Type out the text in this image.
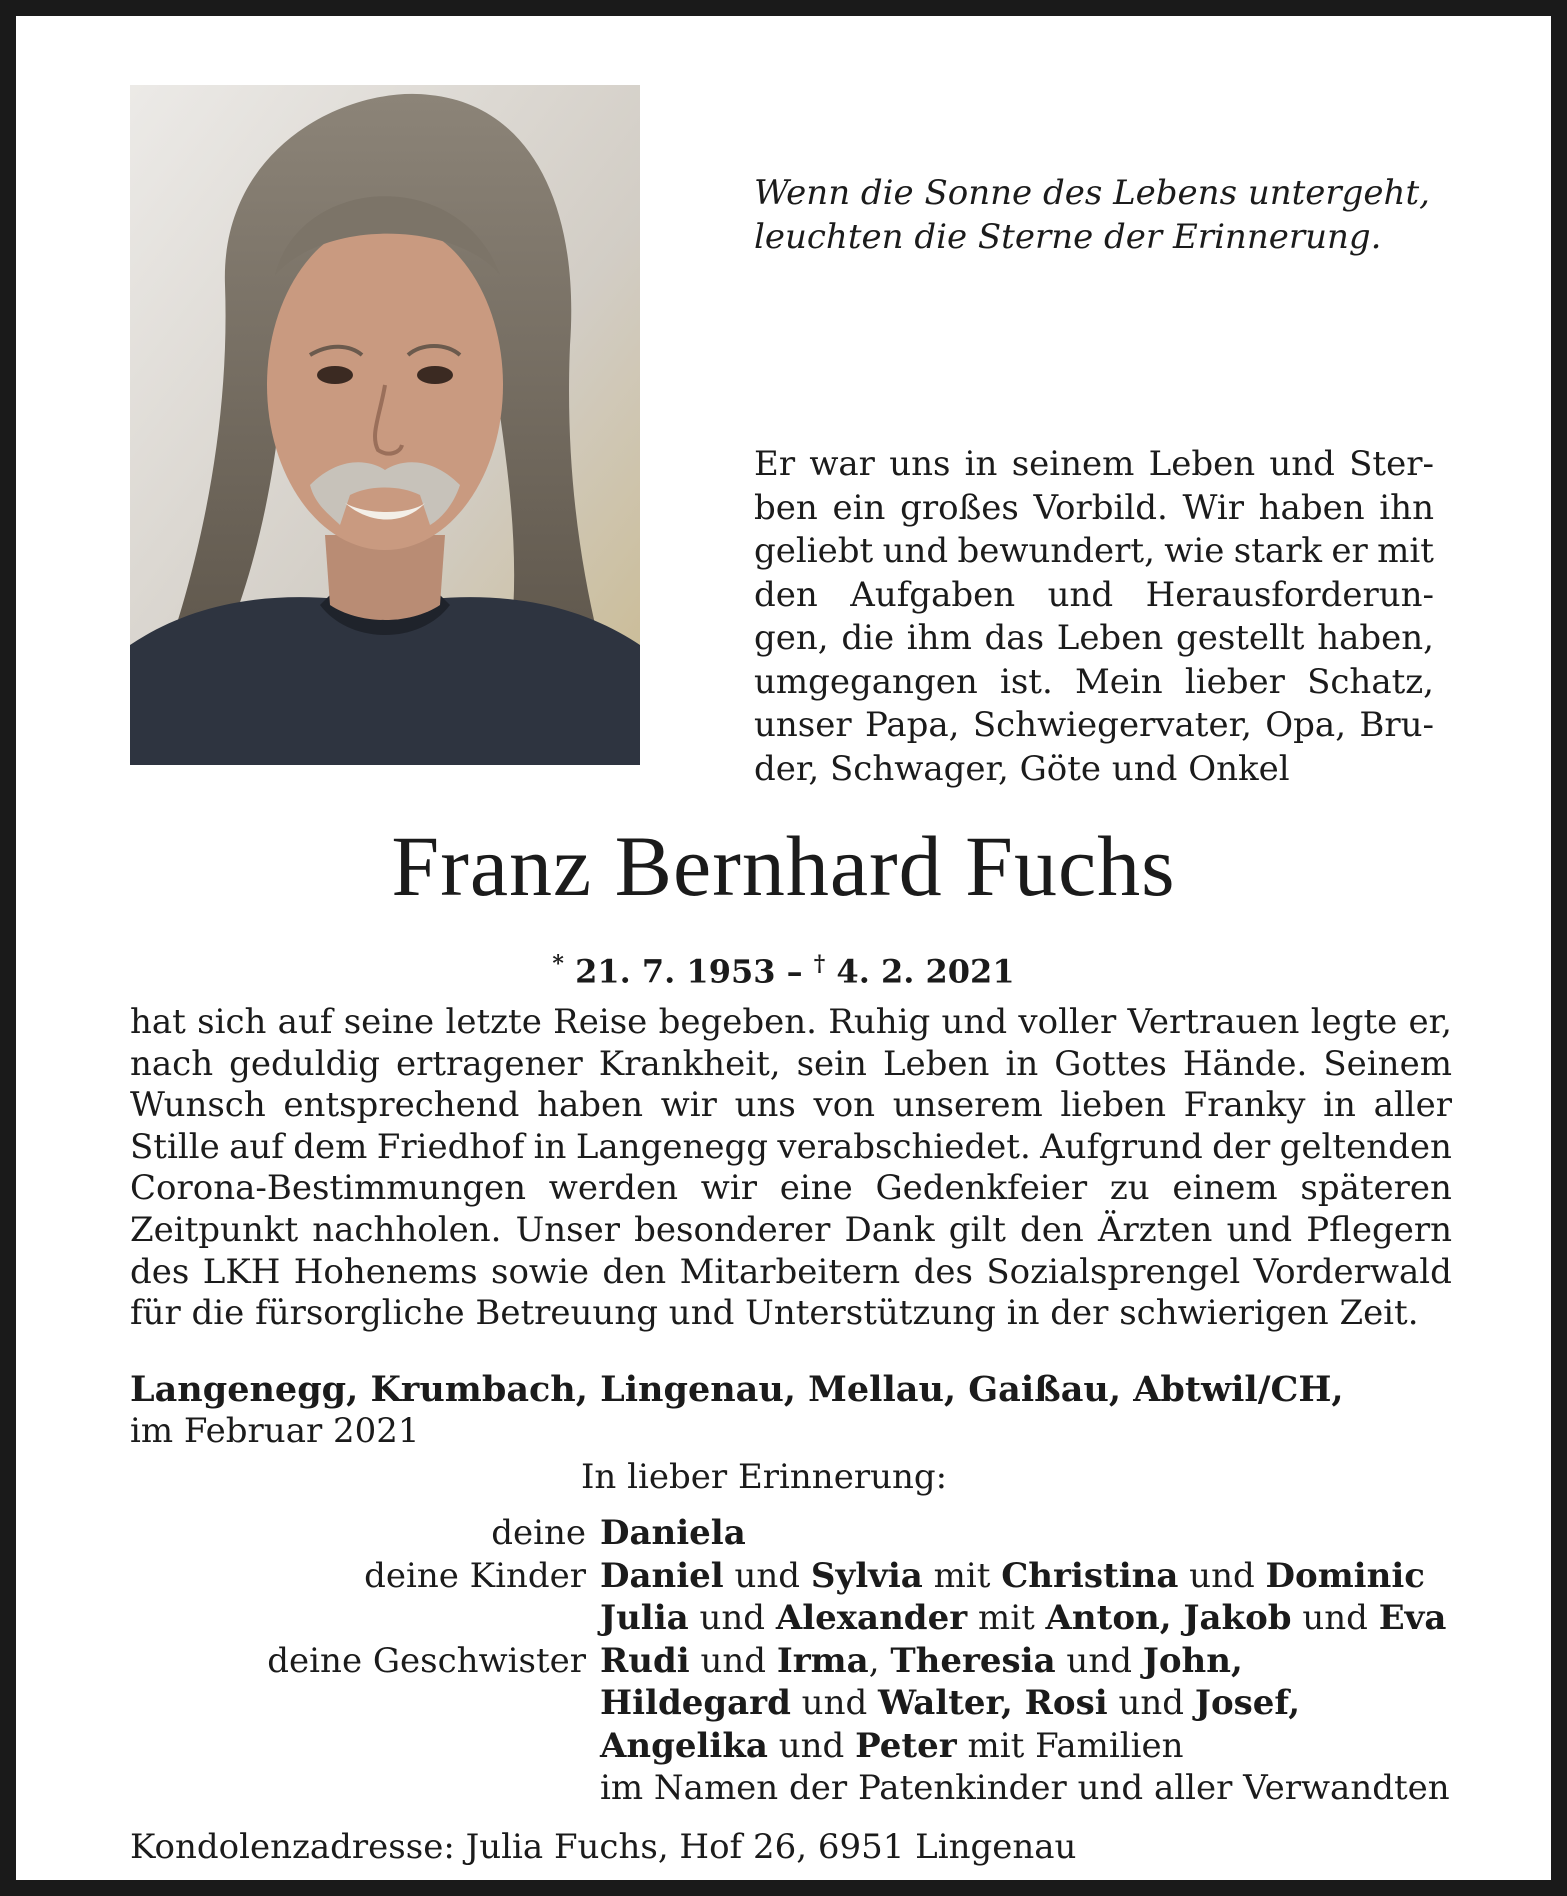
Wenn die Sonne des Lebens untergeht,
leuchten die Sterne der Erinnerung.
Er war uns in seinem Leben und Ster-
ben ein großes Vorbild. Wir haben ihn
geliebt und bewundert, wie stark er mit
den Aufgaben und Herausforderun-
gen, die ihm das Leben gestellt haben,
umgegangen ist. Mein lieber Schatz,
unser Papa, Schwiegervater, Opa, Bru-
der, Schwager, Göte und Onkel
Franz Bernhard Fuchs
* 21. 7. 1953 – † 4. 2. 2021
hat sich auf seine letzte Reise begeben. Ruhig und voller Vertrauen legte er,
nach geduldig ertragener Krankheit, sein Leben in Gottes Hände. Seinem
Wunsch entsprechend haben wir uns von unserem lieben Franky in aller
Stille auf dem Friedhof in Langenegg verabschiedet. Aufgrund der geltenden
Corona-Bestimmungen werden wir eine Gedenkfeier zu einem späteren
Zeitpunkt nachholen. Unser besonderer Dank gilt den Ärzten und Pflegern
des LKH Hohenems sowie den Mitarbeitern des Sozialsprengel Vorderwald
für die fürsorgliche Betreuung und Unterstützung in der schwierigen Zeit.
Langenegg, Krumbach, Lingenau, Mellau, Gaißau, Abtwil/CH,
im Februar 2021
In lieber Erinnerung:
deine Daniela
deine Kinder Daniel und Sylvia mit Christina und Dominic
Julia und Alexander mit Anton, Jakob und Eva
deine Geschwister Rudi und Irma, Theresia und John,
Hildegard und Walter, Rosi und Josef,
Angelika und Peter mit Familien
im Namen der Patenkinder und aller Verwandten
Kondolenzadresse: Julia Fuchs, Hof 26, 6951 Lingenau
